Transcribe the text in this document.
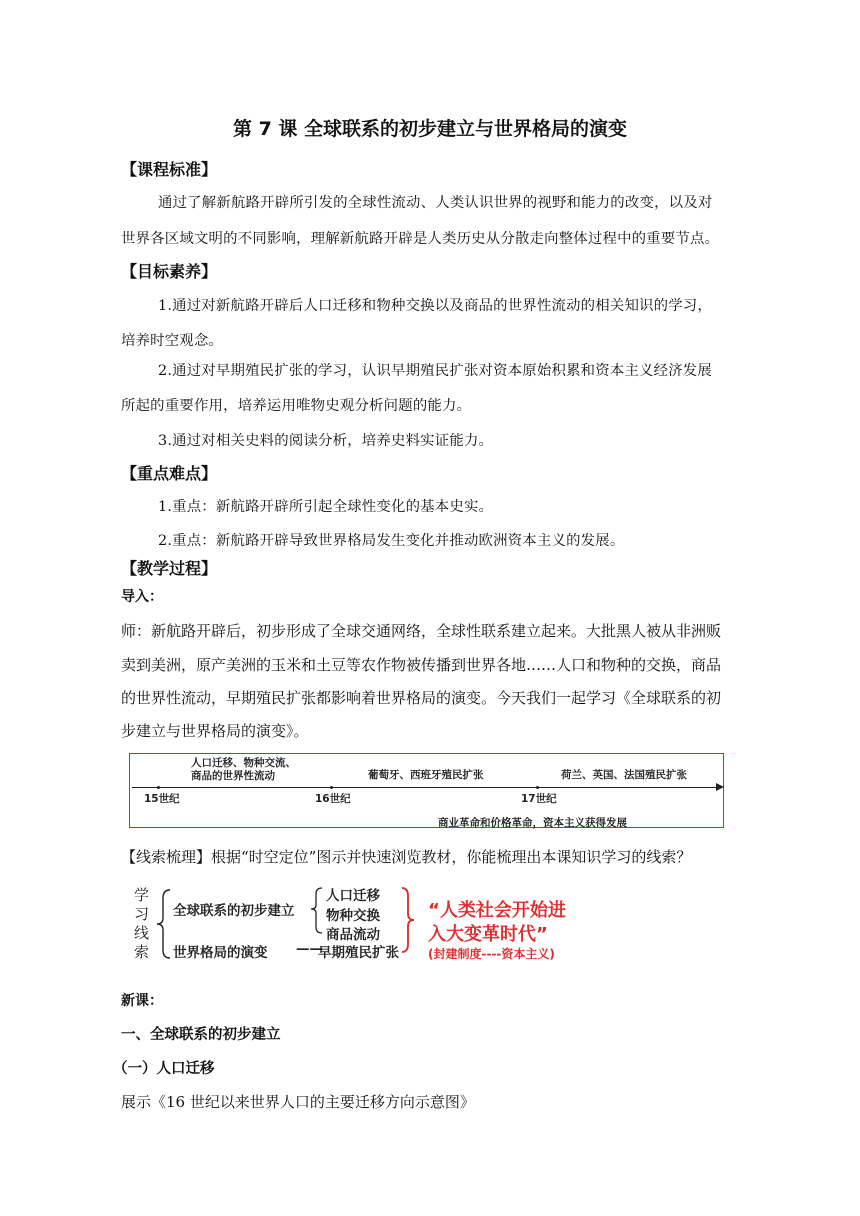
第 7 课 全球联系的初步建立与世界格局的演变
【课程标准】
通过了解新航路开辟所引发的全球性流动、人类认识世界的视野和能力的改变，以及对
世界各区域文明的不同影响，理解新航路开辟是人类历史从分散走向整体过程中的重要节点。
【目标素养】
1.通过对新航路开辟后人口迁移和物种交换以及商品的世界性流动的相关知识的学习，
培养时空观念。
2.通过对早期殖民扩张的学习，认识早期殖民扩张对资本原始积累和资本主义经济发展
所起的重要作用，培养运用唯物史观分析问题的能力。
3.通过对相关史料的阅读分析，培养史料实证能力。
【重点难点】
1.重点：新航路开辟所引起全球性变化的基本史实。
2.重点：新航路开辟导致世界格局发生变化并推动欧洲资本主义的发展。
【教学过程】
导入：
师：新航路开辟后，初步形成了全球交通网络，全球性联系建立起来。大批黑人被从非洲贩
卖到美洲，原产美洲的玉米和土豆等农作物被传播到世界各地……人口和物种的交换，商品
的世界性流动，早期殖民扩张都影响着世界格局的演变。今天我们一起学习《全球联系的初
步建立与世界格局的演变》。
人口迁移、物种交流、
商品的世界性流动	葡萄牙、西班牙殖民扩张	荷兰、英国、法国殖民扩张
15世纪	16世纪	17世纪
商业革命和价格革命，资本主义获得发展
【线索梳理】根据“时空定位”图示并快速浏览教材，你能梳理出本课知识学习的线索？
学
习
线
索
全球联系的初步建立
世界格局的演变 ——
人口迁移
物种交换
商品流动
早期殖民扩张
“人类社会开始进
入大变革时代”
(封建制度----资本主义)
新课：
一、全球联系的初步建立
（一）人口迁移
展示《16 世纪以来世界人口的主要迁移方向示意图》
